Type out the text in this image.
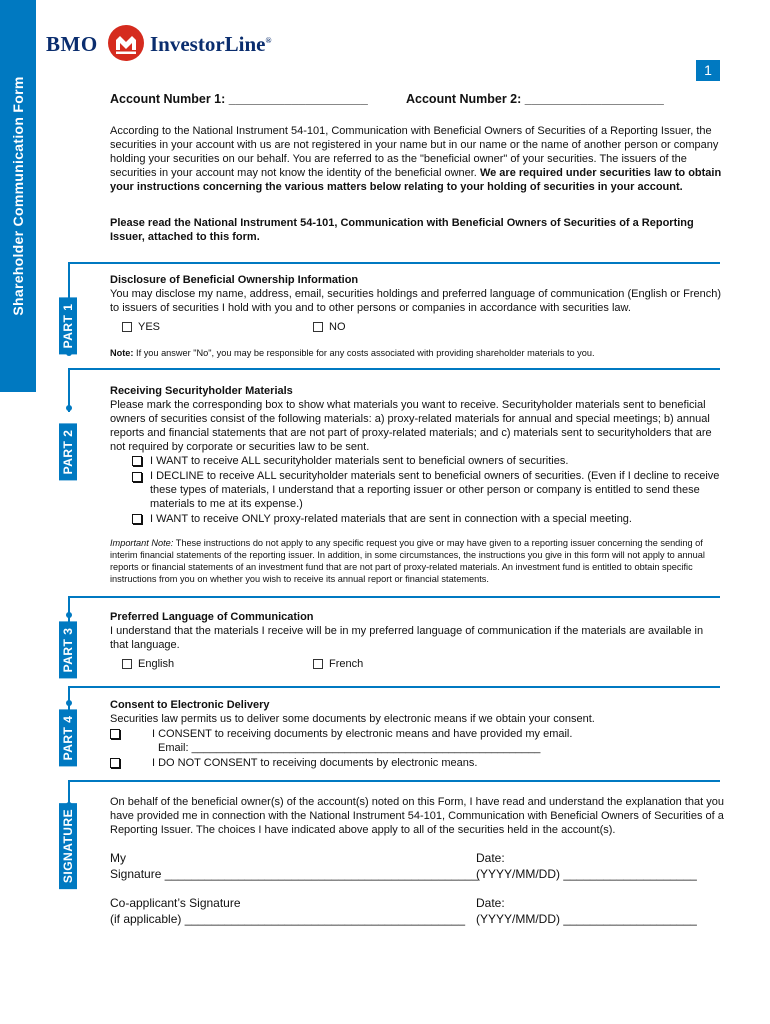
Shareholder Communication Form
BMO InvestorLine®
1
Account Number 1: ____________________	Account Number 2: ____________________
According to the National Instrument 54-101, Communication with Beneficial Owners of Securities of a Reporting Issuer, the securities in your account with us are not registered in your name but in our name or the name of another person or company holding your securities on our behalf. You are referred to as the "beneficial owner" of your securities. The issuers of the securities in your account may not know the identity of the beneficial owner. We are required under securities law to obtain your instructions concerning the various matters below relating to your holding of securities in your account.
Please read the National Instrument 54-101, Communication with Beneficial Owners of Securities of a Reporting Issuer, attached to this form.
PART 1
Disclosure of Beneficial Ownership Information
You may disclose my name, address, email, securities holdings and preferred language of communication (English or French) to issuers of securities I hold with you and to other persons or companies in accordance with securities law.
YES	NO
Note: If you answer "No", you may be responsible for any costs associated with providing shareholder materials to you.
PART 2
Receiving Securityholder Materials
Please mark the corresponding box to show what materials you want to receive. Securityholder materials sent to beneficial owners of securities consist of the following materials: a) proxy-related materials for annual and special meetings; b) annual reports and financial statements that are not part of proxy-related materials; and c) materials sent to securityholders that are not required by corporate or securities law to be sent.
I WANT to receive ALL securityholder materials sent to beneficial owners of securities.
I DECLINE to receive ALL securityholder materials sent to beneficial owners of securities. (Even if I decline to receive these types of materials, I understand that a reporting issuer or other person or company is entitled to send these materials to me at its expense.)
I WANT to receive ONLY proxy-related materials that are sent in connection with a special meeting.
Important Note: These instructions do not apply to any specific request you give or may have given to a reporting issuer concerning the sending of interim financial statements of the reporting issuer. In addition, in some circumstances, the instructions you give in this form will not apply to annual reports or financial statements of an investment fund that are not part of proxy-related materials. An investment fund is entitled to obtain specific instructions from you on whether you wish to receive its annual report or financial statements.
PART 3
Preferred Language of Communication
I understand that the materials I receive will be in my preferred language of communication if the materials are available in that language.
English	French
PART 4
Consent to Electronic Delivery
Securities law permits us to deliver some documents by electronic means if we obtain your consent.
I CONSENT to receiving documents by electronic means and have provided my email.
Email: _________________________________________________________
I DO NOT CONSENT to receiving documents by electronic means.
SIGNATURE
On behalf of the beneficial owner(s) of the account(s) noted on this Form, I have read and understand the explanation that you have provided me in connection with the National Instrument 54-101, Communication with Beneficial Owners of Securities of a Reporting Issuer. The choices I have indicated above apply to all of the securities held in the account(s).
My
Signature _______________________________________________
Date:
(YYYY/MM/DD) ____________________
Co-applicant’s Signature
(if applicable) __________________________________________
Date:
(YYYY/MM/DD) ____________________
